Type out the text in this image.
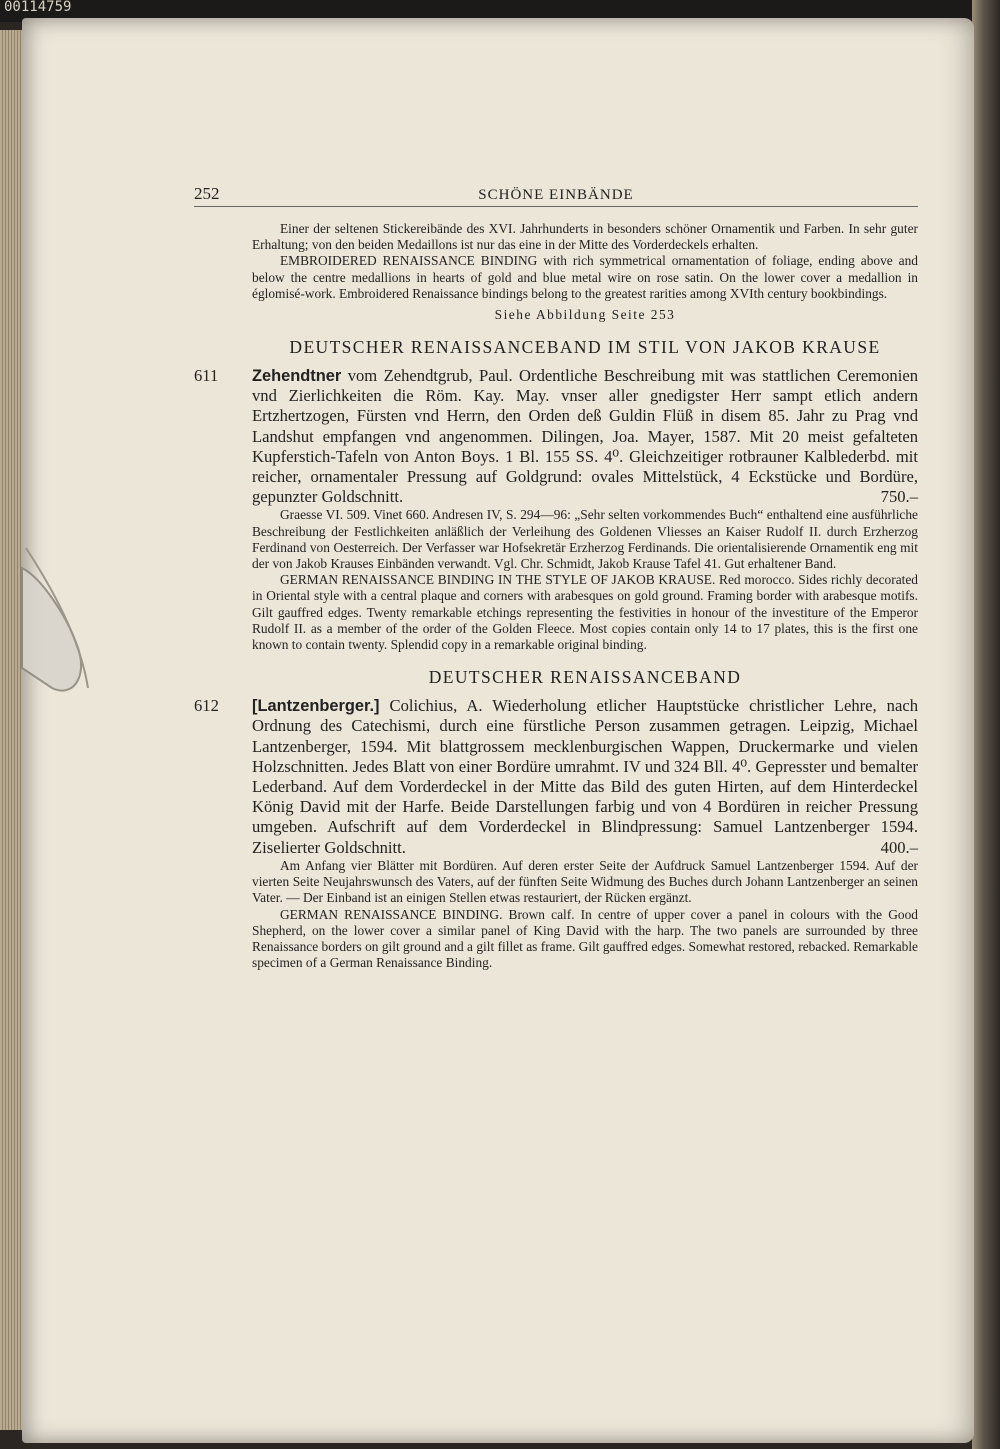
00114759
252	SCHÖNE EINBÄNDE

Einer der seltenen Stickereibände des XVI. Jahrhunderts in besonders schöner Ornamentik und Farben. In sehr guter Erhaltung; von den beiden Medaillons ist nur das eine in der Mitte des Vorderdeckels erhalten.

EMBROIDERED RENAISSANCE BINDING with rich symmetrical ornamentation of foliage, ending above and below the centre medallions in hearts of gold and blue metal wire on rose satin. On the lower cover a medallion in églomisé-work. Embroidered Renaissance bindings belong to the greatest rarities among XVIth century bookbindings.

Siehe Abbildung Seite 253

DEUTSCHER RENAISSANCEBAND IM STIL VON JAKOB KRAUSE
611	Zehendtner vom Zehendtgrub, Paul. Ordentliche Beschreibung mit was stattlichen Ceremonien vnd Zierlichkeiten die Röm. Kay. May. vnser aller gnedigster Herr sampt etlich andern Ertzhertzogen, Fürsten vnd Herrn, den Orden deß Guldin Flüß in disem 85. Jahr zu Prag vnd Landshut empfangen vnd angenommen. Dilingen, Joa. Mayer, 1587. Mit 20 meist gefalteten Kupferstich-Tafeln von Anton Boys. 1 Bl. 155 SS. 4⁰. Gleichzeitiger rotbrauner Kalblederbd. mit reicher, ornamentaler Pressung auf Goldgrund: ovales Mittelstück, 4 Eckstücke und Bordüre, gepunzter Goldschnitt.	750.–

Graesse VI. 509. Vinet 660. Andresen IV, S. 294—96: „Sehr selten vorkommendes Buch“ enthaltend eine ausführliche Beschreibung der Festlichkeiten anläßlich der Verleihung des Goldenen Vliesses an Kaiser Rudolf II. durch Erzherzog Ferdinand von Oesterreich. Der Verfasser war Hofsekretär Erzherzog Ferdinands. Die orientalisierende Ornamentik eng mit der von Jakob Krauses Einbänden verwandt. Vgl. Chr. Schmidt, Jakob Krause Tafel 41. Gut erhaltener Band.

GERMAN RENAISSANCE BINDING IN THE STYLE OF JAKOB KRAUSE. Red morocco. Sides richly decorated in Oriental style with a central plaque and corners with arabesques on gold ground. Framing border with arabesque motifs. Gilt gauffred edges. Twenty remarkable etchings representing the festivities in honour of the investiture of the Emperor Rudolf II. as a member of the order of the Golden Fleece. Most copies contain only 14 to 17 plates, this is the first one known to contain twenty. Splendid copy in a remarkable original binding.

DEUTSCHER RENAISSANCEBAND
612	[Lantzenberger.] Colichius, A. Wiederholung etlicher Hauptstücke christlicher Lehre, nach Ordnung des Catechismi, durch eine fürstliche Person zusammen getragen. Leipzig, Michael Lantzenberger, 1594. Mit blattgrossem mecklenburgischen Wappen, Druckermarke und vielen Holzschnitten. Jedes Blatt von einer Bordüre umrahmt. IV und 324 Bll. 4⁰. Gepresster und bemalter Lederband. Auf dem Vorderdeckel in der Mitte das Bild des guten Hirten, auf dem Hinterdeckel König David mit der Harfe. Beide Darstellungen farbig und von 4 Bordüren in reicher Pressung umgeben. Aufschrift auf dem Vorderdeckel in Blindpressung: Samuel Lantzenberger 1594. Ziselierter Goldschnitt.	400.–

Am Anfang vier Blätter mit Bordüren. Auf deren erster Seite der Aufdruck Samuel Lantzenberger 1594. Auf der vierten Seite Neujahrswunsch des Vaters, auf der fünften Seite Widmung des Buches durch Johann Lantzenberger an seinen Vater. — Der Einband ist an einigen Stellen etwas restauriert, der Rücken ergänzt.

GERMAN RENAISSANCE BINDING. Brown calf. In centre of upper cover a panel in colours with the Good Shepherd, on the lower cover a similar panel of King David with the harp. The two panels are surrounded by three Renaissance borders on gilt ground and a gilt fillet as frame. Gilt gauffred edges. Somewhat restored, rebacked. Remarkable specimen of a German Renaissance Binding.
